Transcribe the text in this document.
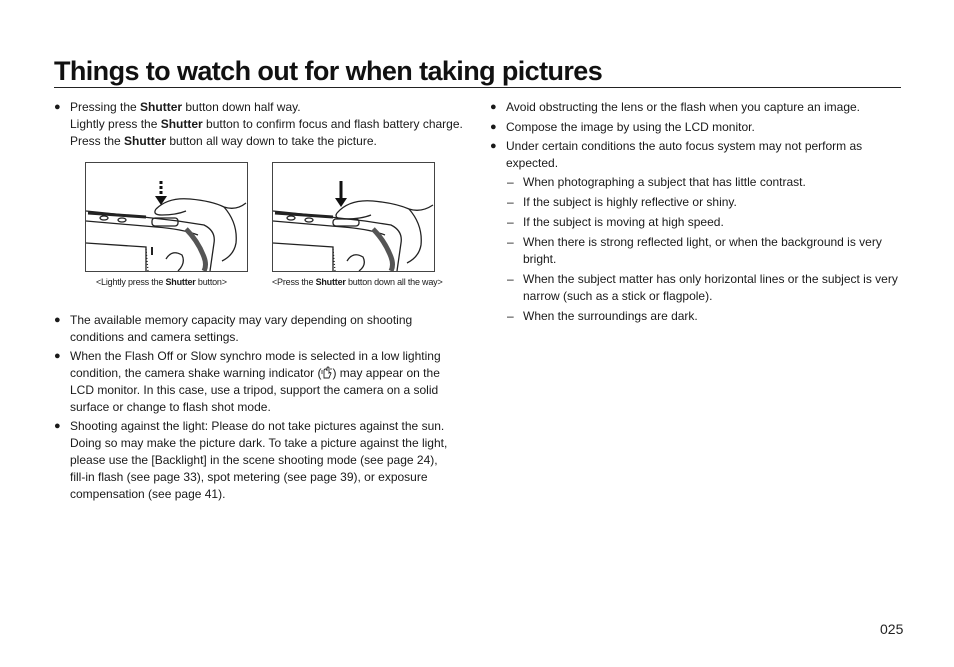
Things to watch out for when taking pictures
● Pressing the Shutter button down half way.
Lightly press the Shutter button to confirm focus and flash battery charge.
Press the Shutter button all way down to take the picture.
<Lightly press the Shutter button>	<Press the Shutter button down all the way>
● The available memory capacity may vary depending on shooting conditions and camera settings.
● When the Flash Off or Slow synchro mode is selected in a low lighting condition, the camera shake warning indicator ( ) may appear on the LCD monitor. In this case, use a tripod, support the camera on a solid surface or change to flash shot mode.
● Shooting against the light: Please do not take pictures against the sun. Doing so may make the picture dark. To take a picture against the light, please use the [Backlight] in the scene shooting mode (see page 24), fill-in flash (see page 33), spot metering (see page 39), or exposure compensation (see page 41).
● Avoid obstructing the lens or the flash when you capture an image.
● Compose the image by using the LCD monitor.
● Under certain conditions the auto focus system may not perform as expected.
– When photographing a subject that has little contrast.
– If the subject is highly reflective or shiny.
– If the subject is moving at high speed.
– When there is strong reflected light, or when the background is very bright.
– When the subject matter has only horizontal lines or the subject is very narrow (such as a stick or flagpole).
– When the surroundings are dark.
025
